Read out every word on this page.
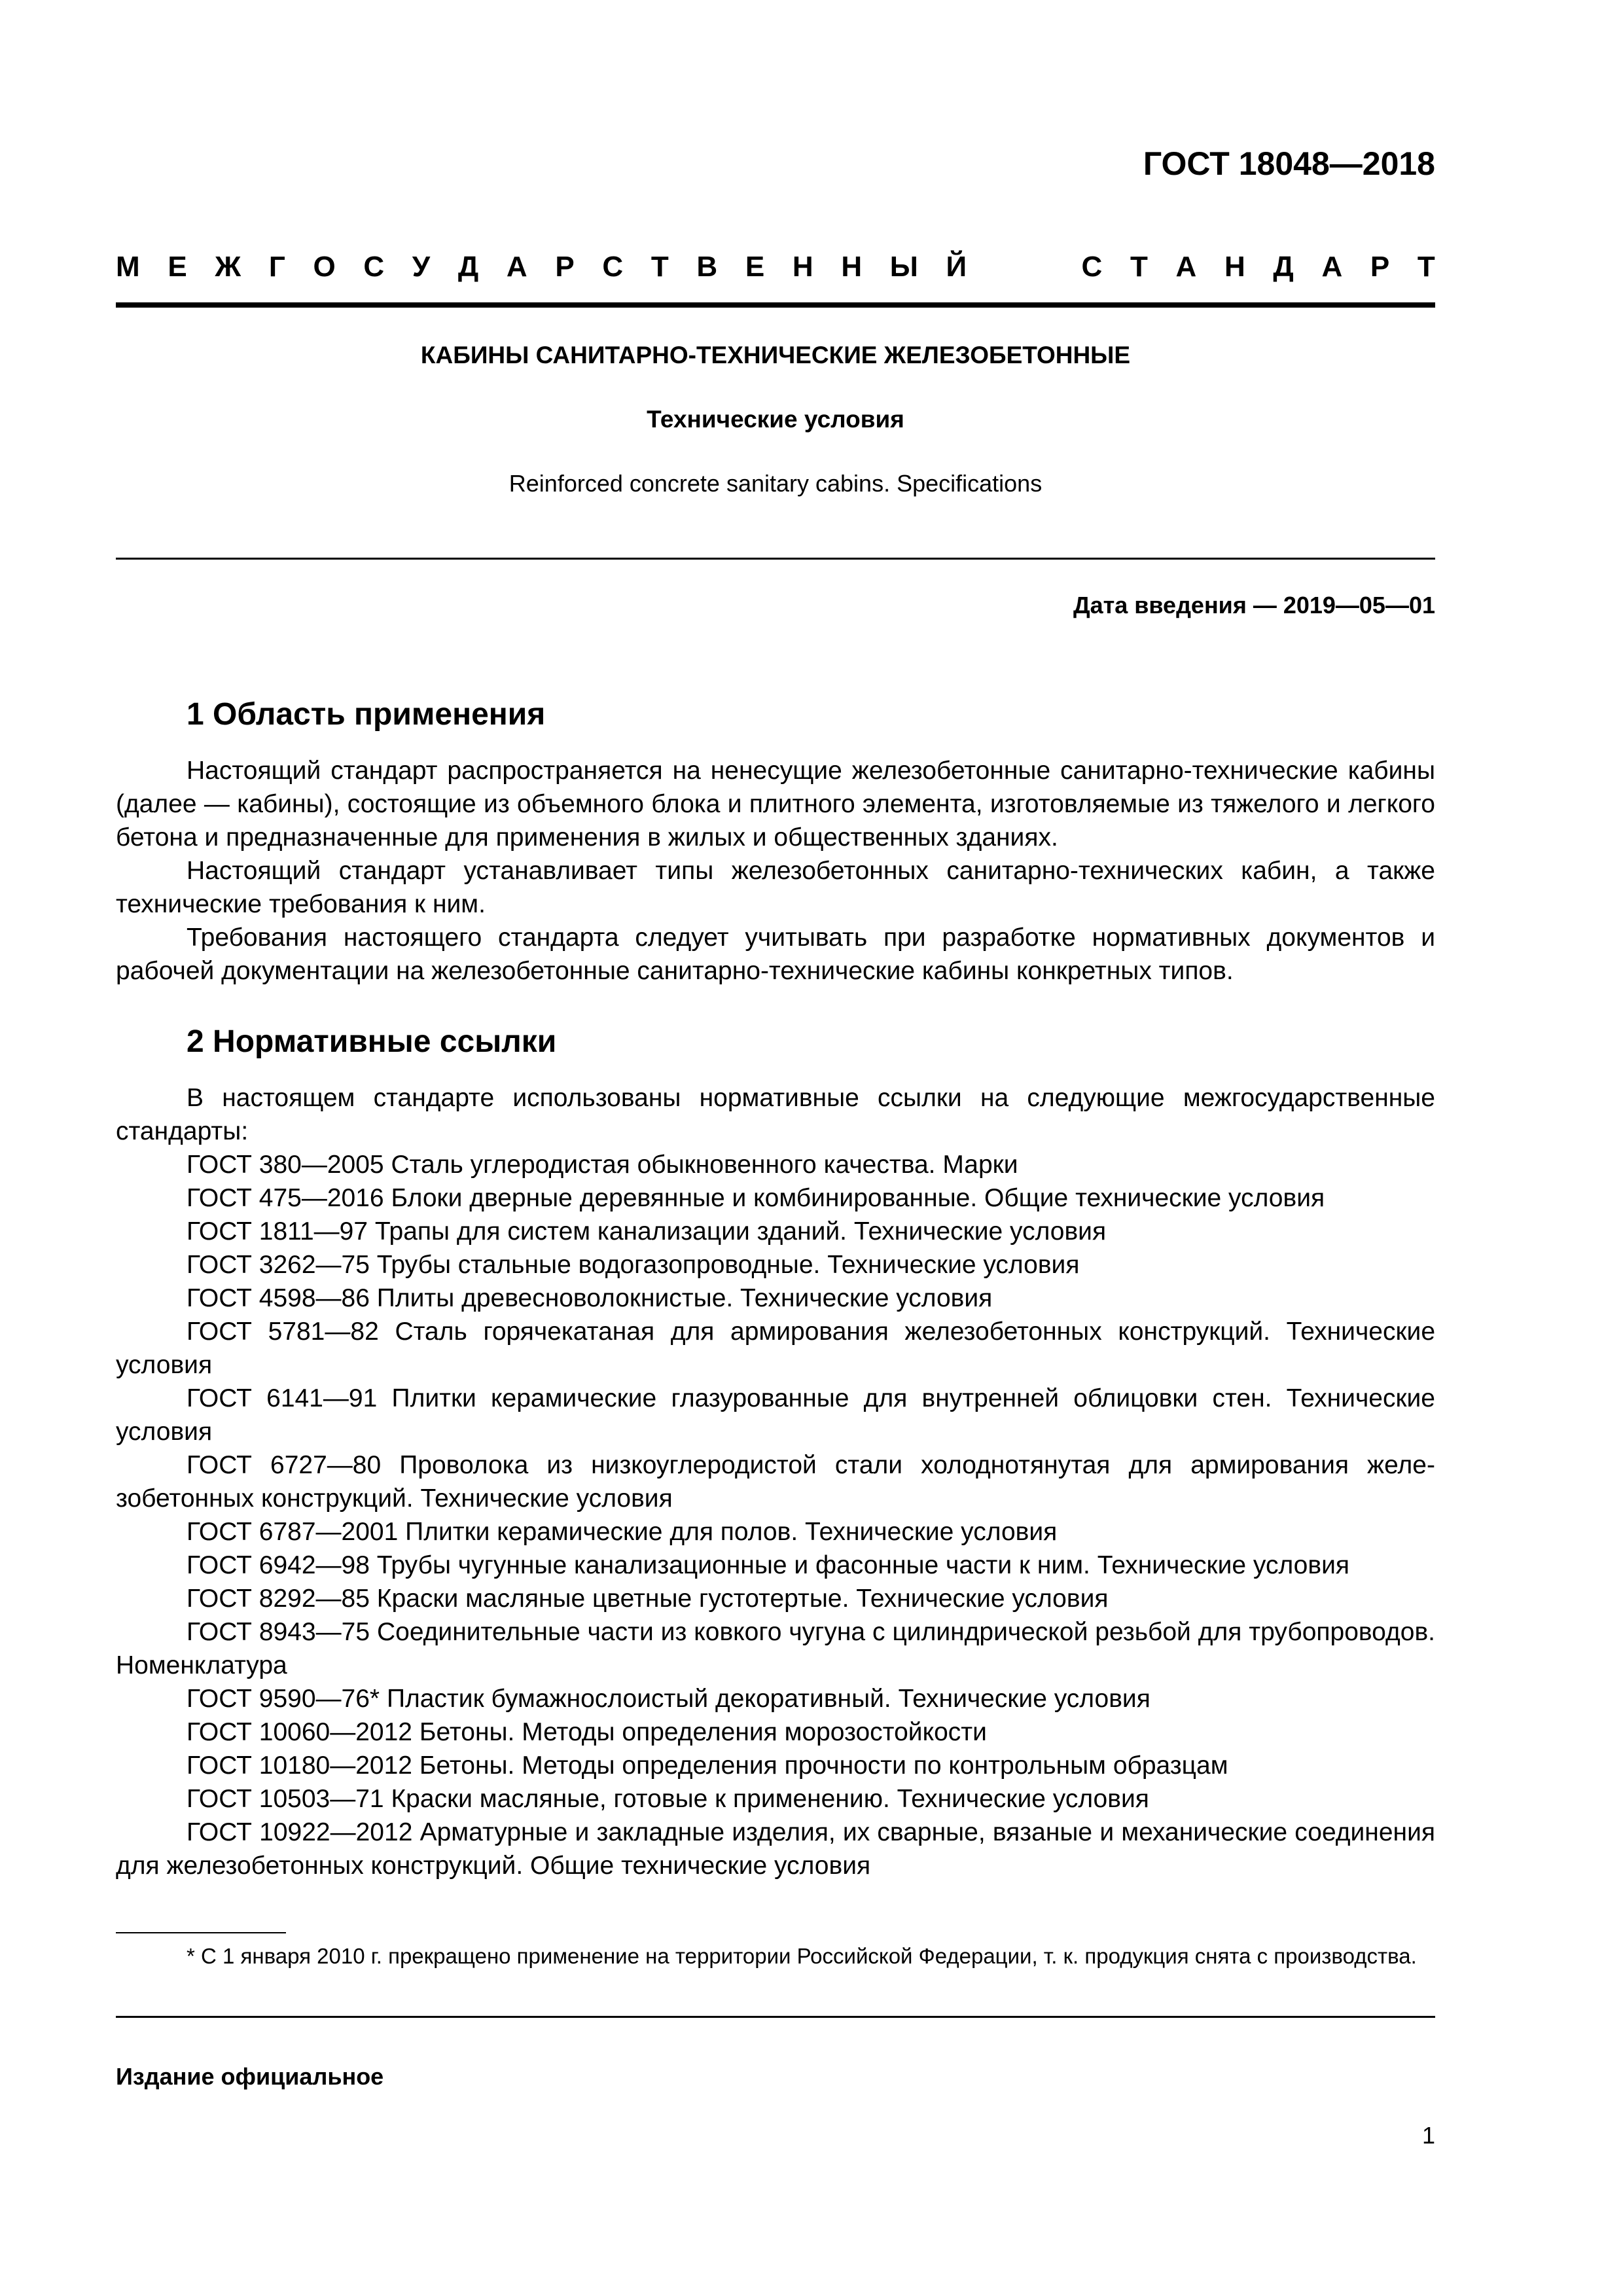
ГОСТ 18048—2018
М Е Ж Г О С У Д А Р С Т В Е Н Н Ы Й	С Т А Н Д А Р Т
КАБИНЫ САНИТАРНО-ТЕХНИЧЕСКИЕ ЖЕЛЕЗОБЕТОННЫЕ
Технические условия
Reinforced concrete sanitary cabins. Specifications
Дата введения — 2019—05—01
1 Область применения

Настоящий стандарт распространяется на ненесущие железобетонные санитарно-технические кабины (далее — кабины), состоящие из объемного блока и плитного элемента, изготовляемые из тяжелого и легкого бетона и предназначенные для применения в жилых и общественных зданиях.

Настоящий стандарт устанавливает типы железобетонных санитарно-технических кабин, а также технические требования к ним.

Требования настоящего стандарта следует учитывать при разработке нормативных документов и рабочей документации на железобетонные санитарно-технические кабины конкретных типов.

2 Нормативные ссылки

В настоящем стандарте использованы нормативные ссылки на следующие межгосударственные стандарты:

ГОСТ 380—2005 Сталь углеродистая обыкновенного качества. Марки

ГОСТ 475—2016 Блоки дверные деревянные и комбинированные. Общие технические условия

ГОСТ 1811—97 Трапы для систем канализации зданий. Технические условия

ГОСТ 3262—75 Трубы стальные водогазопроводные. Технические условия

ГОСТ 4598—86 Плиты древесноволокнистые. Технические условия

ГОСТ 5781—82 Сталь горячекатаная для армирования железобетонных конструкций. Технические условия

ГОСТ 6141—91 Плитки керамические глазурованные для внутренней облицовки стен. Технические условия

ГОСТ 6727—80 Проволока из низкоуглеродистой стали холоднотянутая для армирования железобетонных конструкций. Технические условия

ГОСТ 6787—2001 Плитки керамические для полов. Технические условия

ГОСТ 6942—98 Трубы чугунные канализационные и фасонные части к ним. Технические условия

ГОСТ 8292—85 Краски масляные цветные густотертые. Технические условия

ГОСТ 8943—75 Соединительные части из ковкого чугуна с цилиндрической резьбой для трубопроводов. Номенклатура

ГОСТ 9590—76* Пластик бумажнослоистый декоративный. Технические условия

ГОСТ 10060—2012 Бетоны. Методы определения морозостойкости

ГОСТ 10180—2012 Бетоны. Методы определения прочности по контрольным образцам

ГОСТ 10503—71 Краски масляные, готовые к применению. Технические условия

ГОСТ 10922—2012 Арматурные и закладные изделия, их сварные, вязаные и механические соединения для железобетонных конструкций. Общие технические условия

* С 1 января 2010 г. прекращено применение на территории Российской Федерации, т. к. продукция снята с производства.
Издание официальное
1
